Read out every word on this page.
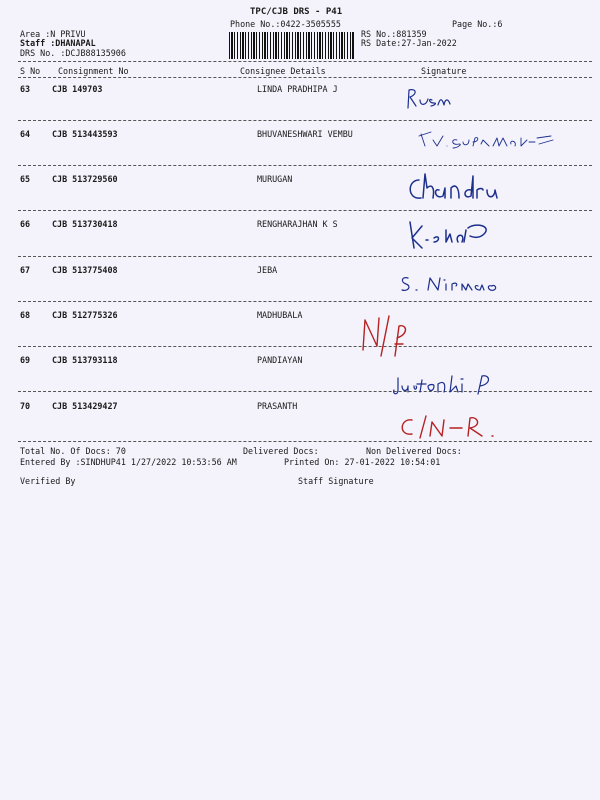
TPC/CJB DRS - P41
Phone No.:0422-3505555	Page No.:6
Area :N PRIVU
Staff :DHANAPAL
DRS No. :DCJB88135906
RS No.:881359
RS Date:27-Jan-2022
S No Consignment No	Consignee Details	Signature
63	CJB 149703	LINDA PRADHIPA J
64	CJB 513443593	BHUVANESHWARI VEMBU
65	CJB 513729560	MURUGAN
66	CJB 513730418	RENGHARAJHAN K S
67	CJB 513775408	JEBA
68	CJB 512775326	MADHUBALA
69	CJB 513793118	PANDIAYAN
70	CJB 513429427	PRASANTH
Total No. Of Docs: 70	Delivered Docs:	Non Delivered Docs:
Entered By :SINDHUP41 1/27/2022 10:53:56 AM	Printed On: 27-01-2022 10:54:01
Verified By	Staff Signature
